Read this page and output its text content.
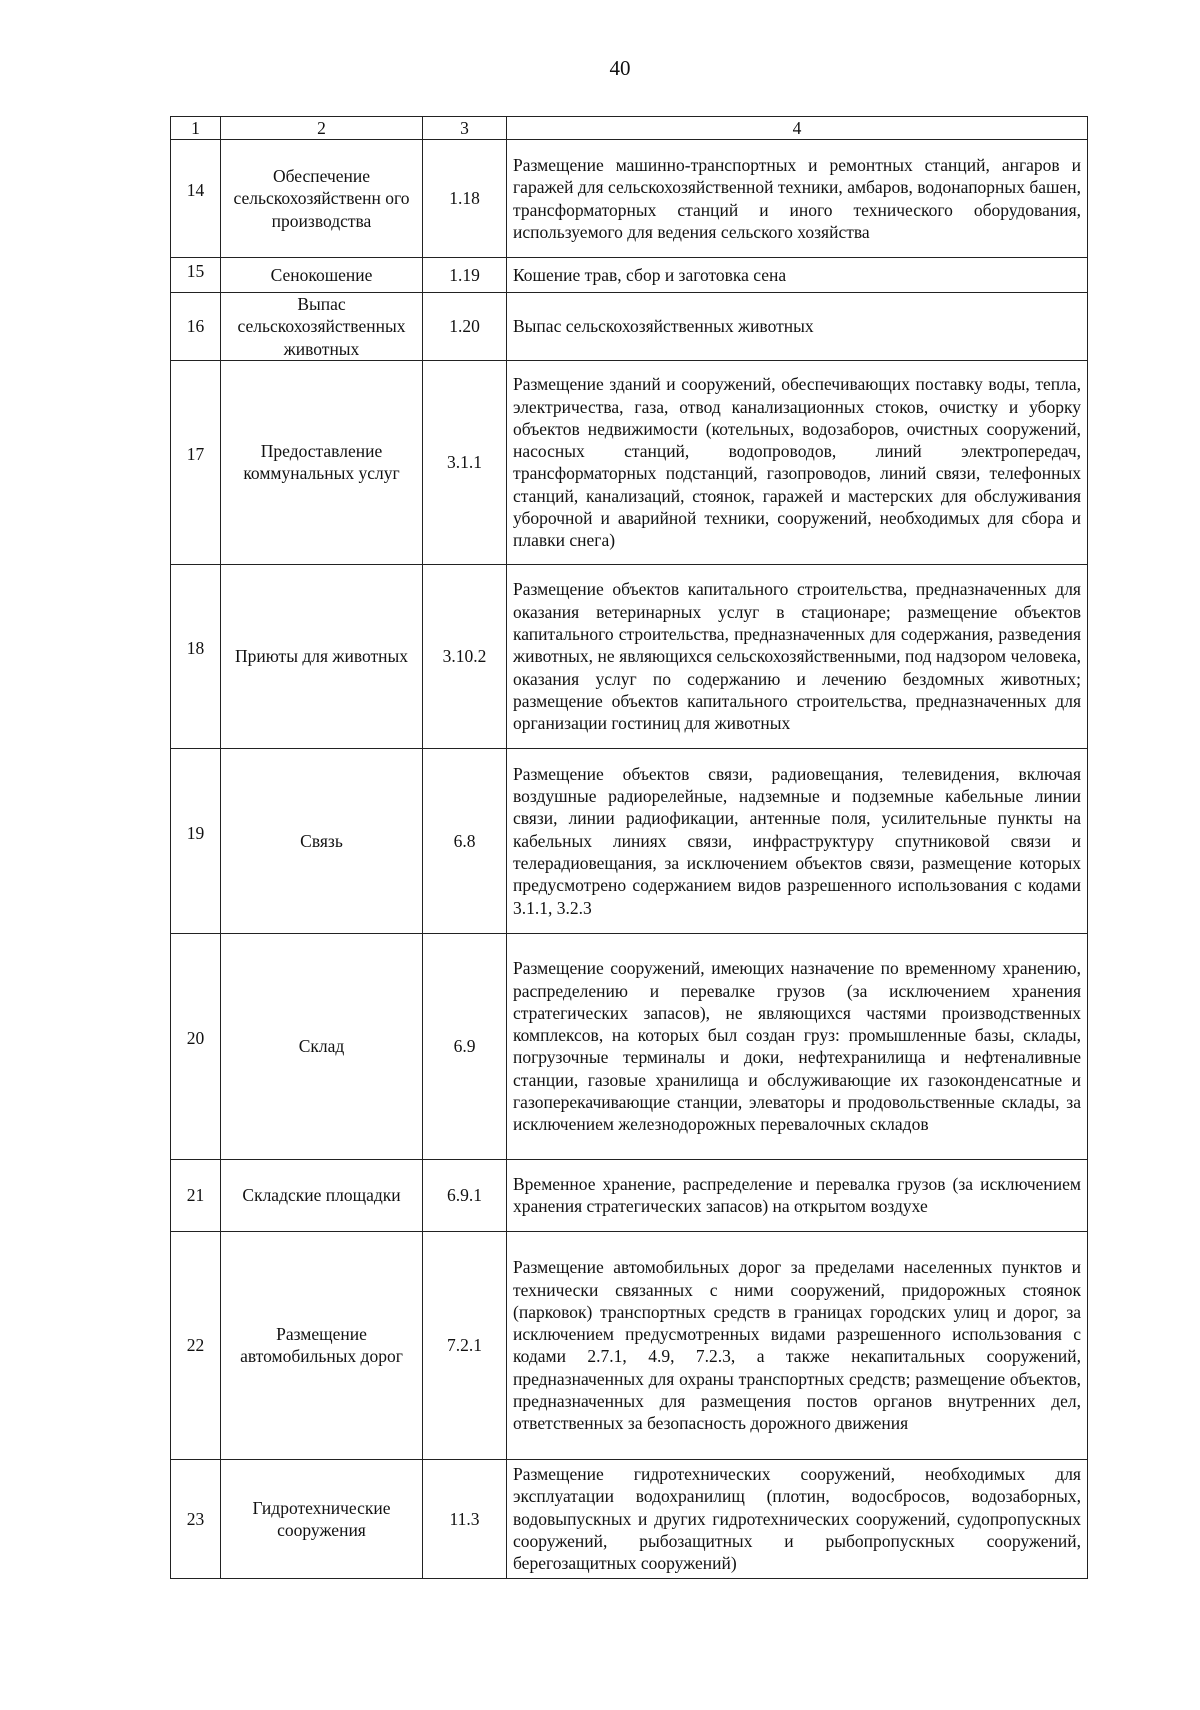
40
1	2	3	4
14	Обеспечение сельскохозяйственн ого производства	1.18	Размещение машинно-транспортных и ремонтных станций, ангаров и гаражей для сельскохозяйственной техники, амбаров, водонапорных башен, трансформаторных станций и иного технического оборудования, используемого для ведения сельского хозяйства
15	Сенокошение	1.19	Кошение трав, сбор и заготовка сена
16	Выпас сельскохозяйственных животных	1.20	Выпас сельскохозяйственных животных
17	Предоставление коммунальных услуг	3.1.1	Размещение зданий и сооружений, обеспечивающих поставку воды, тепла, электричества, газа, отвод канализационных стоков, очистку и уборку объектов недвижимости (котельных, водозаборов, очистных сооружений, насосных станций, водопроводов, линий электропередач, трансформаторных подстанций, газопроводов, линий связи, телефонных станций, канализаций, стоянок, гаражей и мастерских для обслуживания уборочной и аварийной техники, сооружений, необходимых для сбора и плавки снега)
18	Приюты для животных	3.10.2	Размещение объектов капитального строительства, предназначенных для оказания ветеринарных услуг в стационаре; размещение объектов капитального строительства, предназначенных для содержания, разведения животных, не являющихся сельскохозяйственными, под надзором человека, оказания услуг по содержанию и лечению бездомных животных; размещение объектов капитального строительства, предназначенных для организации гостиниц для животных
19	Связь	6.8	Размещение объектов связи, радиовещания, телевидения, включая воздушные радиорелейные, надземные и подземные кабельные линии связи, линии радиофикации, антенные поля, усилительные пункты на кабельных линиях связи, инфраструктуру спутниковой связи и телерадиовещания, за исключением объектов связи, размещение которых предусмотрено содержанием видов разрешенного использования с кодами 3.1.1, 3.2.3
20	Склад	6.9	Размещение сооружений, имеющих назначение по временному хранению, распределению и перевалке грузов (за исключением хранения стратегических запасов), не являющихся частями производственных комплексов, на которых был создан груз: промышленные базы, склады, погрузочные терминалы и доки, нефтехранилища и нефтеналивные станции, газовые хранилища и обслуживающие их газоконденсатные и газоперекачивающие станции, элеваторы и продовольственные склады, за исключением железнодорожных перевалочных складов
21	Складские площадки	6.9.1	Временное хранение, распределение и перевалка грузов (за исключением хранения стратегических запасов) на открытом воздухе
22	Размещение автомобильных дорог	7.2.1	Размещение автомобильных дорог за пределами населенных пунктов и технически связанных с ними сооружений, придорожных стоянок (парковок) транспортных средств в границах городских улиц и дорог, за исключением предусмотренных видами разрешенного использования с кодами 2.7.1, 4.9, 7.2.3, а также некапитальных сооружений, предназначенных для охраны транспортных средств; размещение объектов, предназначенных для размещения постов органов внутренних дел, ответственных за безопасность дорожного движения
23	Гидротехнические сооружения	11.3	Размещение гидротехнических сооружений, необходимых для эксплуатации водохранилищ (плотин, водосбросов, водозаборных, водовыпускных и других гидротехнических сооружений, судопропускных сооружений, рыбозащитных и рыбопропускных сооружений, берегозащитных сооружений)
